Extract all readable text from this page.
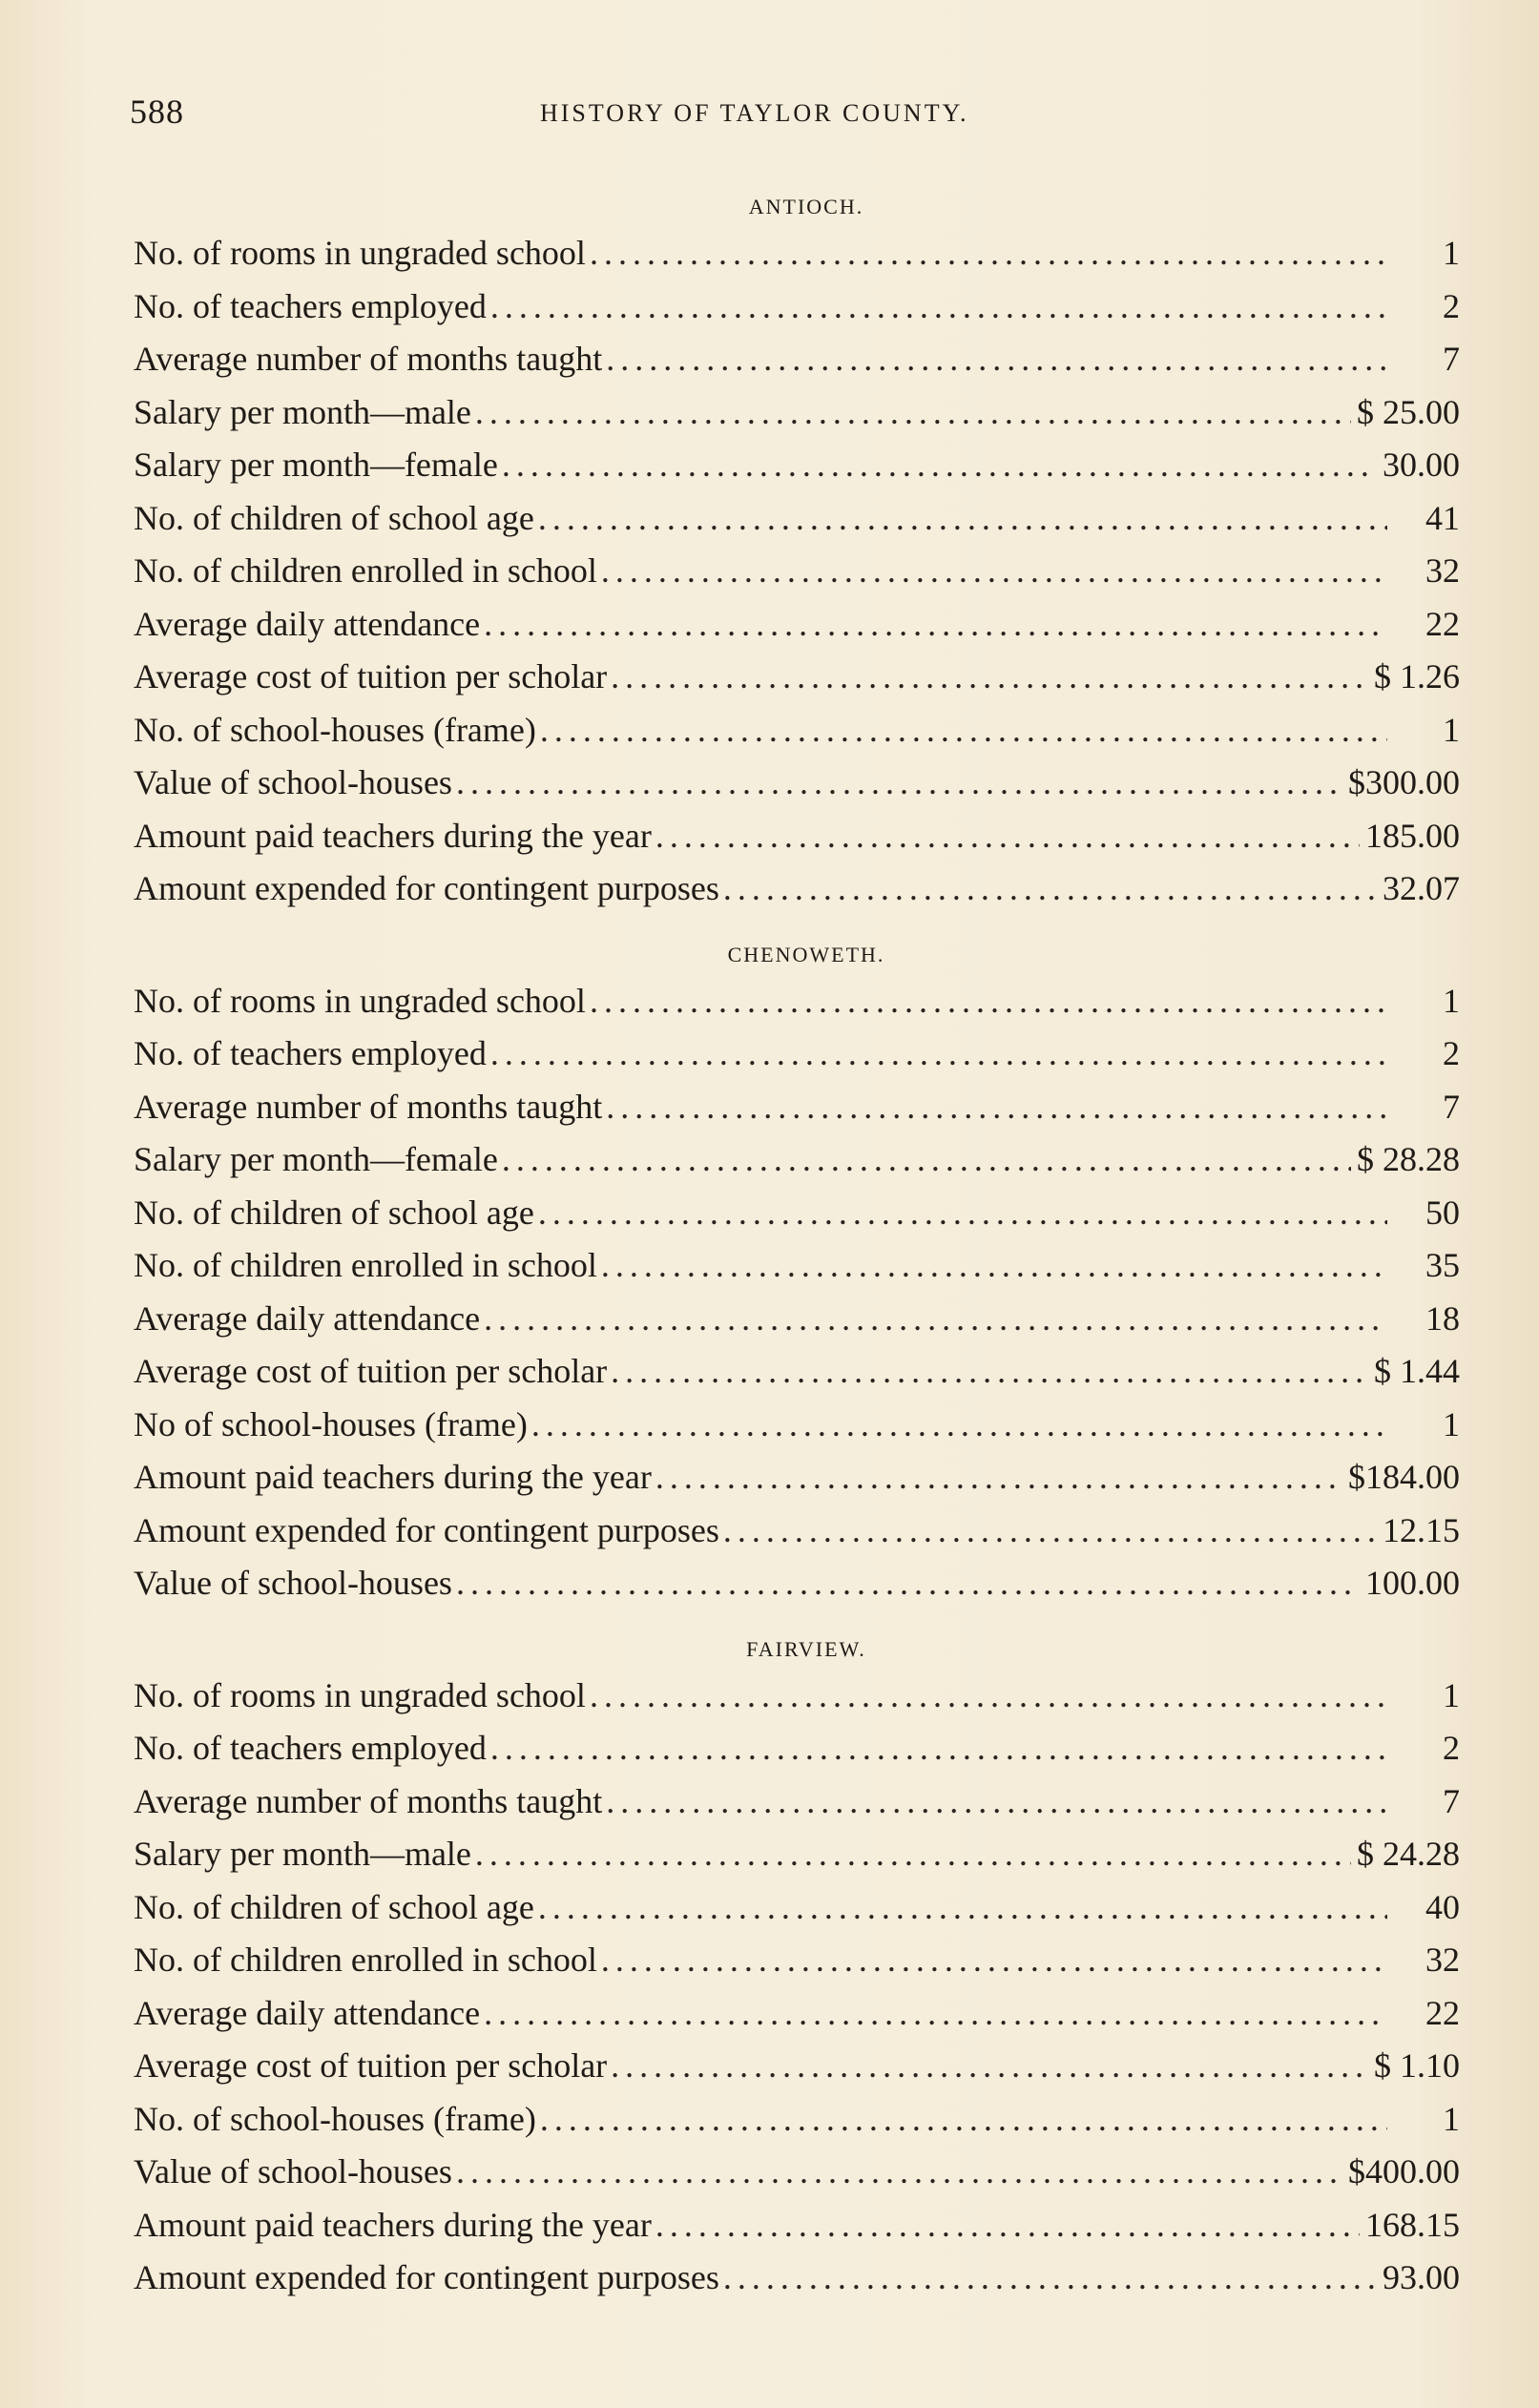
588	HISTORY OF TAYLOR COUNTY.
ANTIOCH.
No. of rooms in ungraded school .....	1
No. of teachers employed .....	2
Average number of months taught .....	7
Salary per month—male .....	$ 25.00
Salary per month—female .....	30.00
No. of children of school age .....	41
No. of children enrolled in school .....	32
Average daily attendance .....	22
Average cost of tuition per scholar .....	$ 1.26
No. of school-houses (frame) .....	1
Value of school-houses .....	$300.00
Amount paid teachers during the year .....	185.00
Amount expended for contingent purposes .....	32.07
CHENOWETH.
No. of rooms in ungraded school .....	1
No. of teachers employed .....	2
Average number of months taught .....	7
Salary per month—female .....	$ 28.28
No. of children of school age .....	50
No. of children enrolled in school .....	35
Average daily attendance .....	18
Average cost of tuition per scholar .....	$ 1.44
No of school-houses (frame) .....	1
Amount paid teachers during the year .....	$184.00
Amount expended for contingent purposes .....	12.15
Value of school-houses .....	100.00
FAIRVIEW.
No. of rooms in ungraded school .....	1
No. of teachers employed .....	2
Average number of months taught .....	7
Salary per month—male .....	$ 24.28
No. of children of school age .....	40
No. of children enrolled in school .....	32
Average daily attendance .....	22
Average cost of tuition per scholar .....	$ 1.10
No. of school-houses (frame) .....	1
Value of school-houses .....	$400.00
Amount paid teachers during the year .....	168.15
Amount expended for contingent purposes .....	93.00
